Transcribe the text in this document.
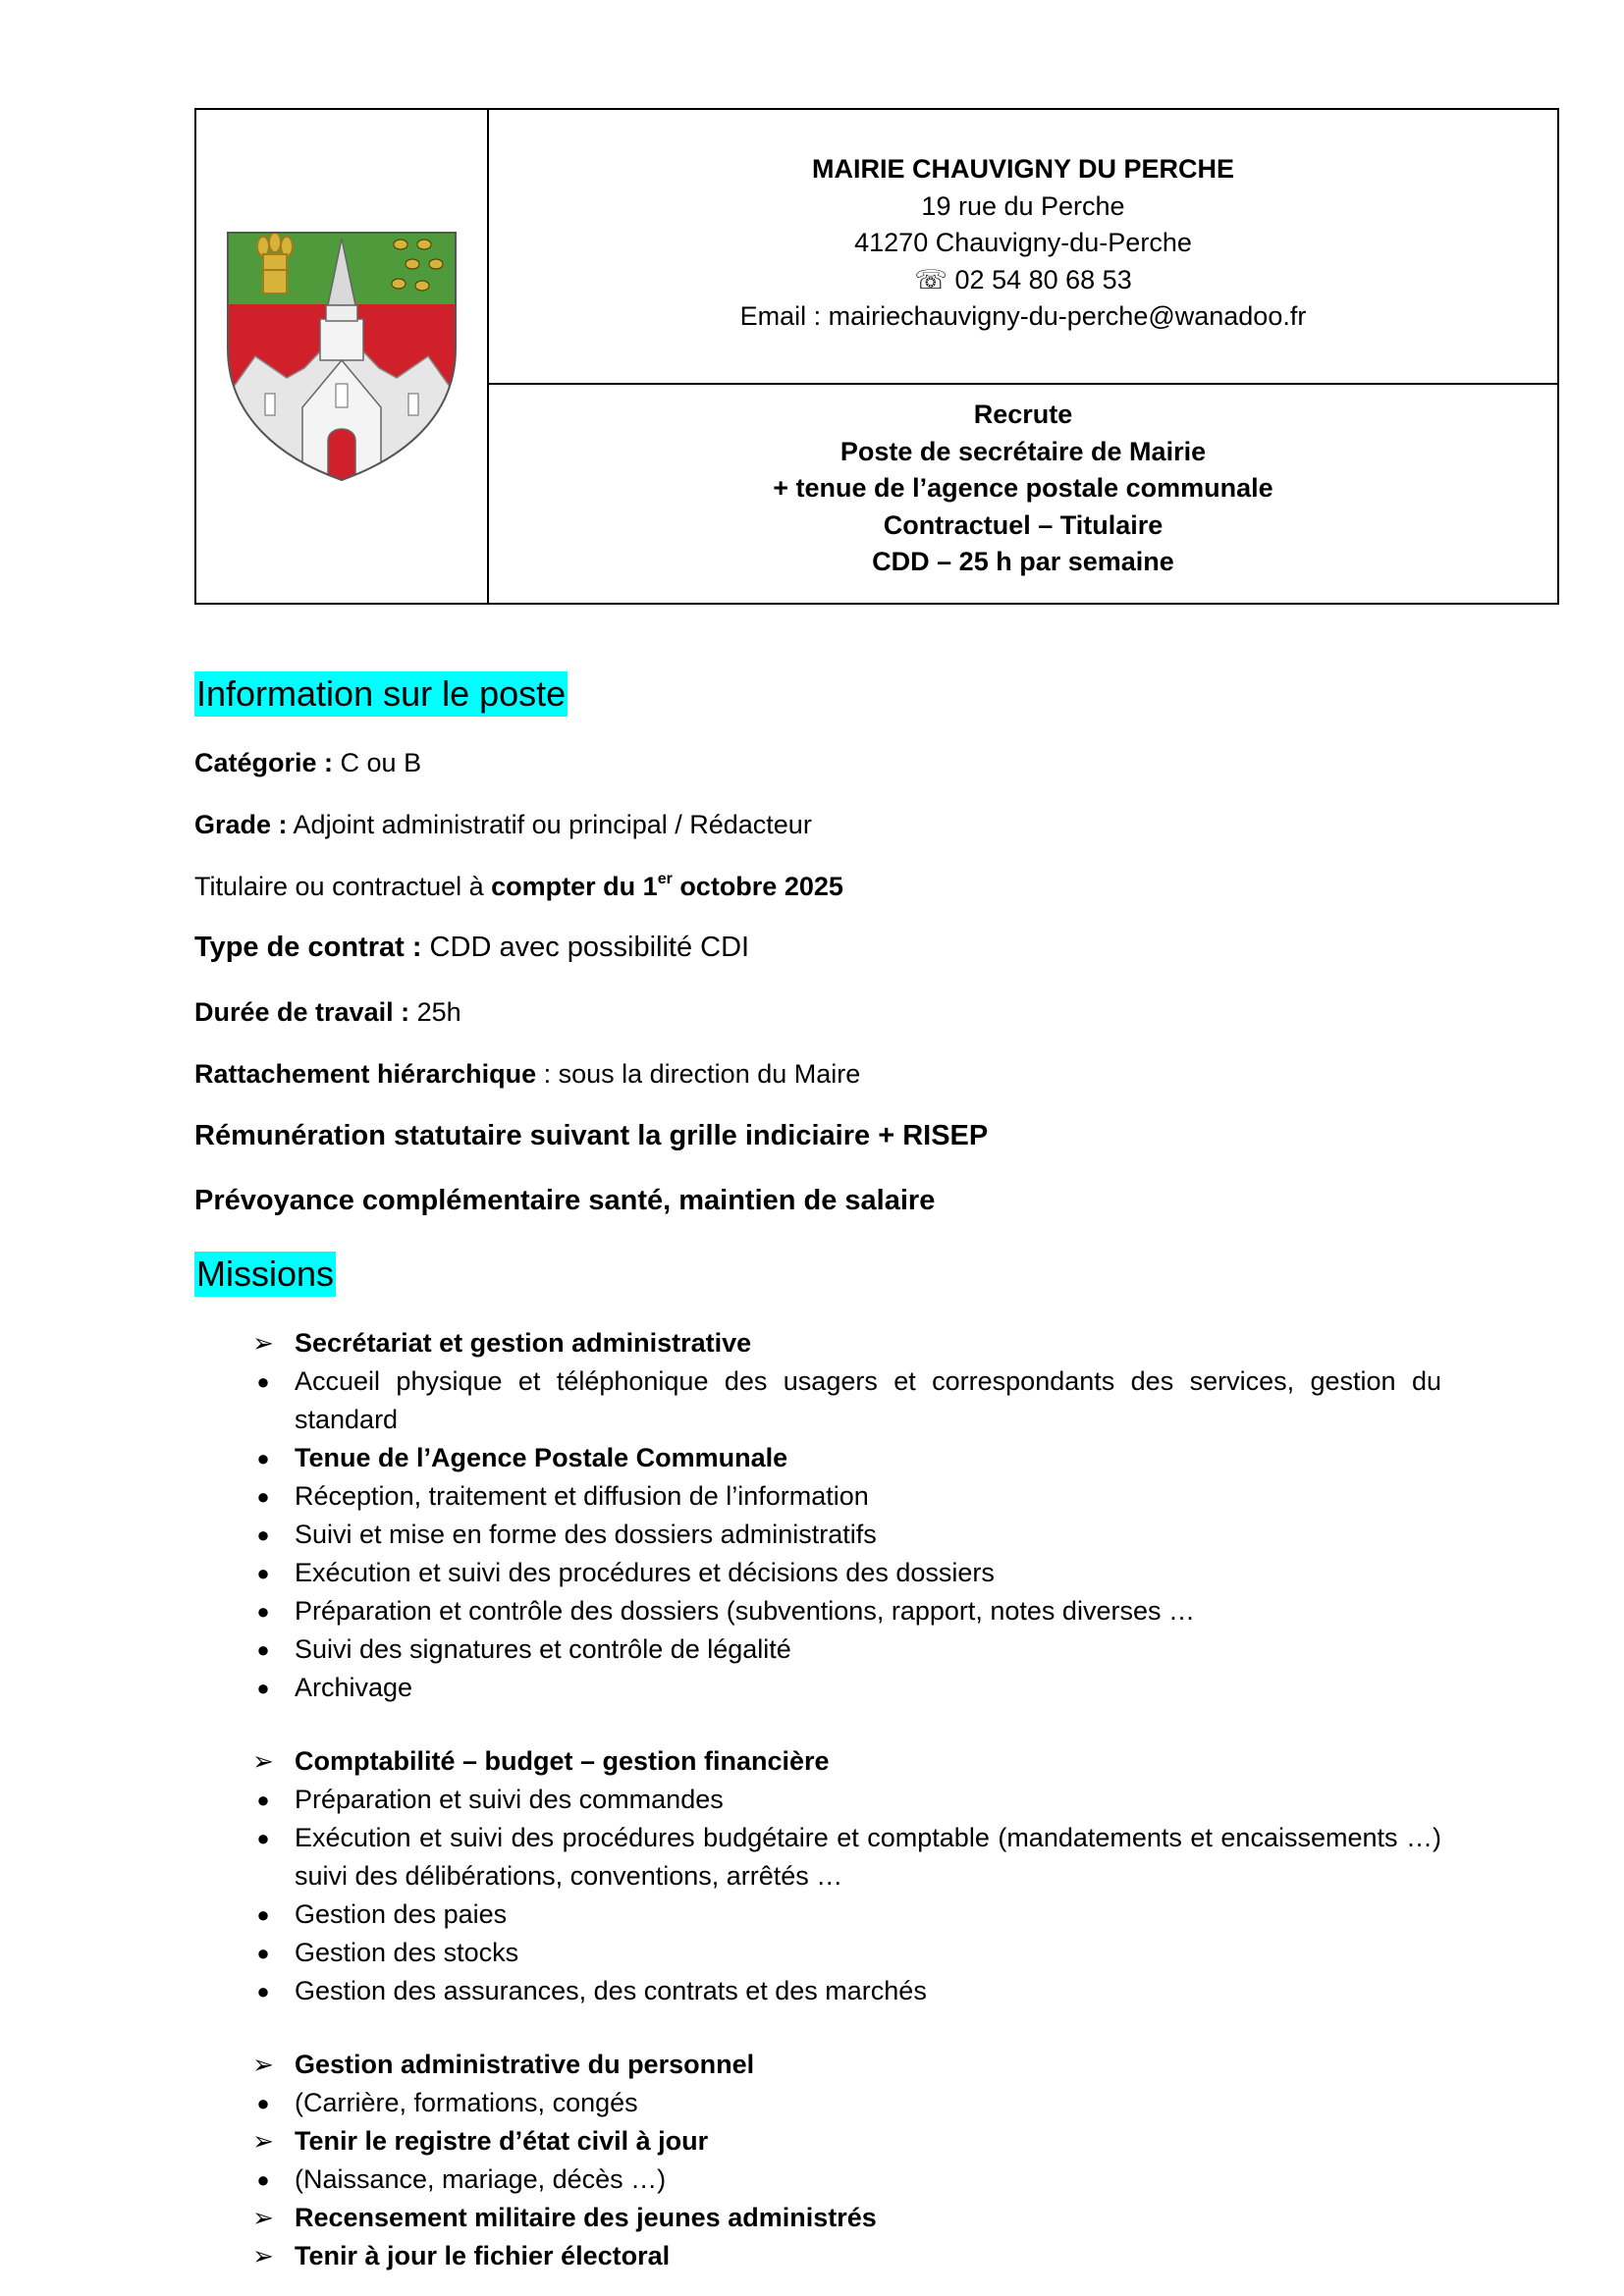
MAIRIE CHAUVIGNY DU PERCHE
19 rue du Perche
41270 Chauvigny-du-Perche
☏ 02 54 80 68 53
Email : mairiechauvigny-du-perche@wanadoo.fr
Recrute
Poste de secrétaire de Mairie
+ tenue de l’agence postale communale
Contractuel – Titulaire
CDD – 25 h par semaine
Information sur le poste
Catégorie : C ou B
Grade : Adjoint administratif ou principal / Rédacteur
Titulaire ou contractuel à compter du 1er octobre 2025
Type de contrat : CDD avec possibilité CDI
Durée de travail : 25h
Rattachement hiérarchique : sous la direction du Maire
Rémunération statutaire suivant la grille indiciaire + RISEP
Prévoyance complémentaire santé, maintien de salaire
Missions
➢ Secrétariat et gestion administrative
● Accueil physique et téléphonique des usagers et correspondants des services, gestion du standard
● Tenue de l’Agence Postale Communale
● Réception, traitement et diffusion de l’information
● Suivi et mise en forme des dossiers administratifs
● Exécution et suivi des procédures et décisions des dossiers
● Préparation et contrôle des dossiers (subventions, rapport, notes diverses …
● Suivi des signatures et contrôle de légalité
● Archivage
➢ Comptabilité – budget – gestion financière
● Préparation et suivi des commandes
● Exécution et suivi des procédures budgétaire et comptable (mandatements et encaissements …) suivi des délibérations, conventions, arrêtés …
● Gestion des paies
● Gestion des stocks
● Gestion des assurances, des contrats et des marchés
➢ Gestion administrative du personnel
● (Carrière, formations, congés
➢ Tenir le registre d’état civil à jour
● (Naissance, mariage, décès …)
➢ Recensement militaire des jeunes administrés
➢ Tenir à jour le fichier électoral
